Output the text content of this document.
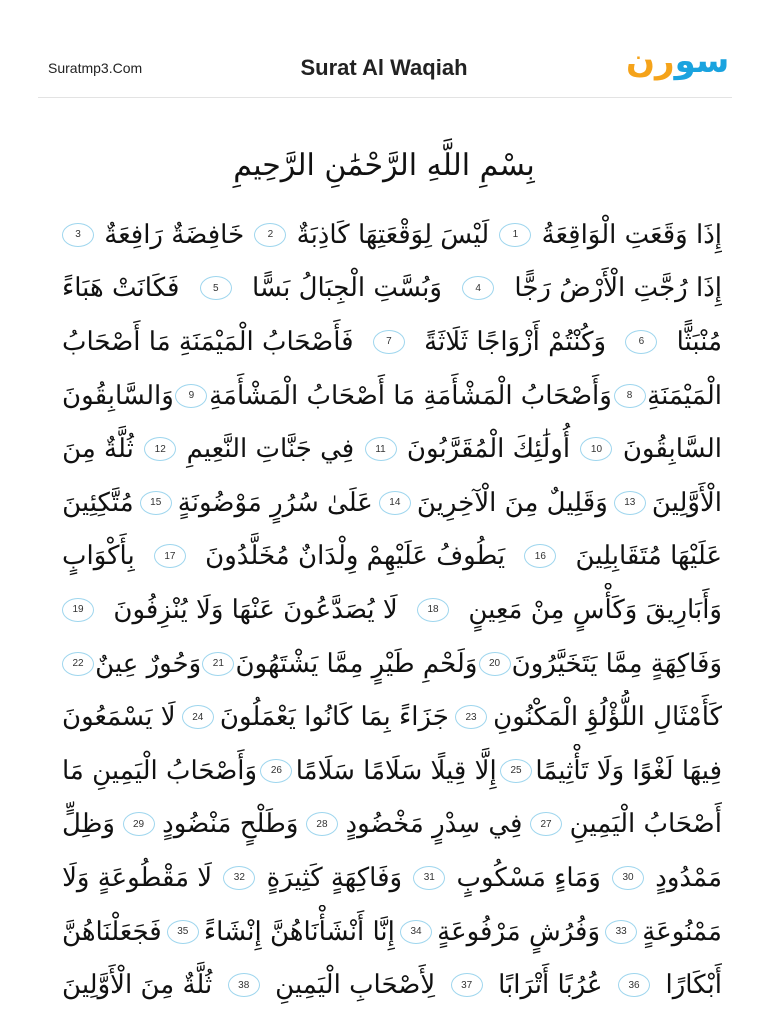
Suratmp3.Com	Surat Al Waqiah	سورن
بِسْمِ اللَّهِ الرَّحْمَٰنِ الرَّحِيمِ
إِذَا وَقَعَتِ الْوَاقِعَةُ
1
لَيْسَ لِوَقْعَتِهَا كَاذِبَةٌ
2
خَافِضَةٌ رَافِعَةٌ
3
إِذَا رُجَّتِ الْأَرْضُ رَجًّا
4
وَبُسَّتِ الْجِبَالُ بَسًّا
5
فَكَانَتْ هَبَاءً
مُنْبَثًّا
6
وَكُنْتُمْ أَزْوَاجًا ثَلَاثَةً
7
فَأَصْحَابُ الْمَيْمَنَةِ مَا أَصْحَابُ
الْمَيْمَنَةِ
8
وَأَصْحَابُ الْمَشْأَمَةِ مَا أَصْحَابُ الْمَشْأَمَةِ
9
وَالسَّابِقُونَ
السَّابِقُونَ
10
أُولَٰئِكَ الْمُقَرَّبُونَ
11
فِي جَنَّاتِ النَّعِيمِ
12
ثُلَّةٌ مِنَ
الْأَوَّلِينَ
13
وَقَلِيلٌ مِنَ الْآخِرِينَ
14
عَلَىٰ سُرُرٍ مَوْضُونَةٍ
15
مُتَّكِئِينَ
عَلَيْهَا مُتَقَابِلِينَ
16
يَطُوفُ عَلَيْهِمْ وِلْدَانٌ مُخَلَّدُونَ
17
بِأَكْوَابٍ
وَأَبَارِيقَ وَكَأْسٍ مِنْ مَعِينٍ
18
لَا يُصَدَّعُونَ عَنْهَا وَلَا يُنْزِفُونَ
19
وَفَاكِهَةٍ مِمَّا يَتَخَيَّرُونَ
20
وَلَحْمِ طَيْرٍ مِمَّا يَشْتَهُونَ
21
وَحُورٌ عِينٌ
22
كَأَمْثَالِ اللُّؤْلُؤِ الْمَكْنُونِ
23
جَزَاءً بِمَا كَانُوا يَعْمَلُونَ
24
لَا يَسْمَعُونَ
فِيهَا لَغْوًا وَلَا تَأْثِيمًا
25
إِلَّا قِيلًا سَلَامًا سَلَامًا
26
وَأَصْحَابُ الْيَمِينِ مَا
أَصْحَابُ الْيَمِينِ
27
فِي سِدْرٍ مَخْضُودٍ
28
وَطَلْحٍ مَنْضُودٍ
29
وَظِلٍّ
مَمْدُودٍ
30
وَمَاءٍ مَسْكُوبٍ
31
وَفَاكِهَةٍ كَثِيرَةٍ
32
لَا مَقْطُوعَةٍ وَلَا
مَمْنُوعَةٍ
33
وَفُرُشٍ مَرْفُوعَةٍ
34
إِنَّا أَنْشَأْنَاهُنَّ إِنْشَاءً
35
فَجَعَلْنَاهُنَّ
أَبْكَارًا
36
عُرُبًا أَتْرَابًا
37
لِأَصْحَابِ الْيَمِينِ
38
ثُلَّةٌ مِنَ الْأَوَّلِينَ
